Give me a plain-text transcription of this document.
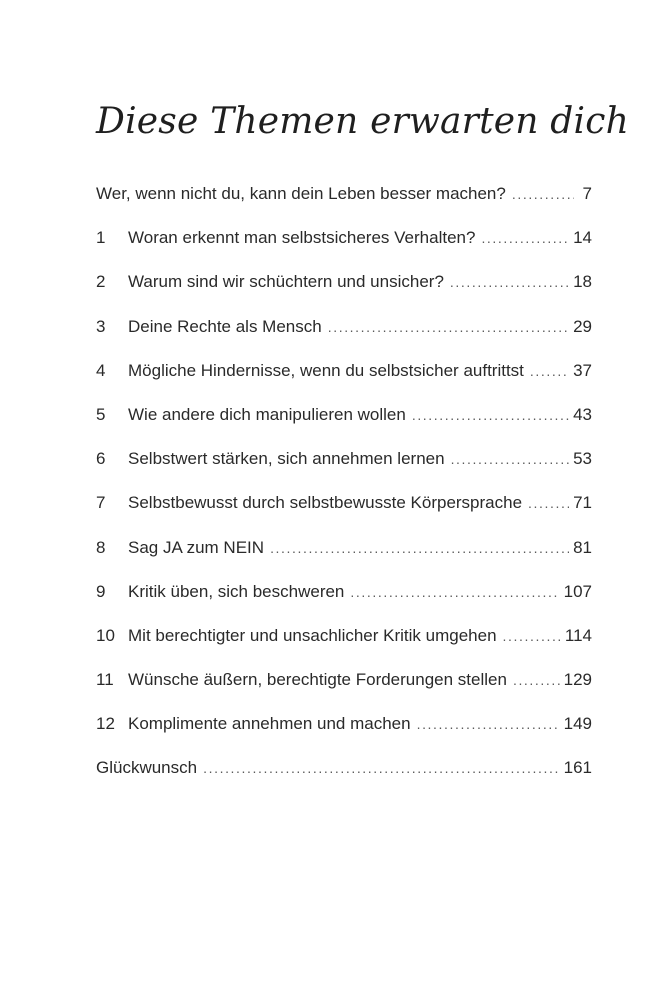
Diese Themen erwarten dich
Wer, wenn nicht du, kann dein Leben besser machen? .....	7
1	Woran erkennt man selbstsicheres Verhalten? .....	14
2	Warum sind wir schüchtern und unsicher? .....	18
3	Deine Rechte als Mensch .....	29
4	Mögliche Hindernisse, wenn du selbstsicher auftrittst .....	37
5	Wie andere dich manipulieren wollen .....	43
6	Selbstwert stärken, sich annehmen lernen .....	53
7	Selbstbewusst durch selbstbewusste Körpersprache .....	71
8	Sag JA zum NEIN .....	81
9	Kritik üben, sich beschweren .....	107
10 Mit berechtigter und unsachlicher Kritik umgehen .....	114
11 Wünsche äußern, berechtigte Forderungen stellen .....	129
12 Komplimente annehmen und machen .....	149
Glückwunsch .....	161
